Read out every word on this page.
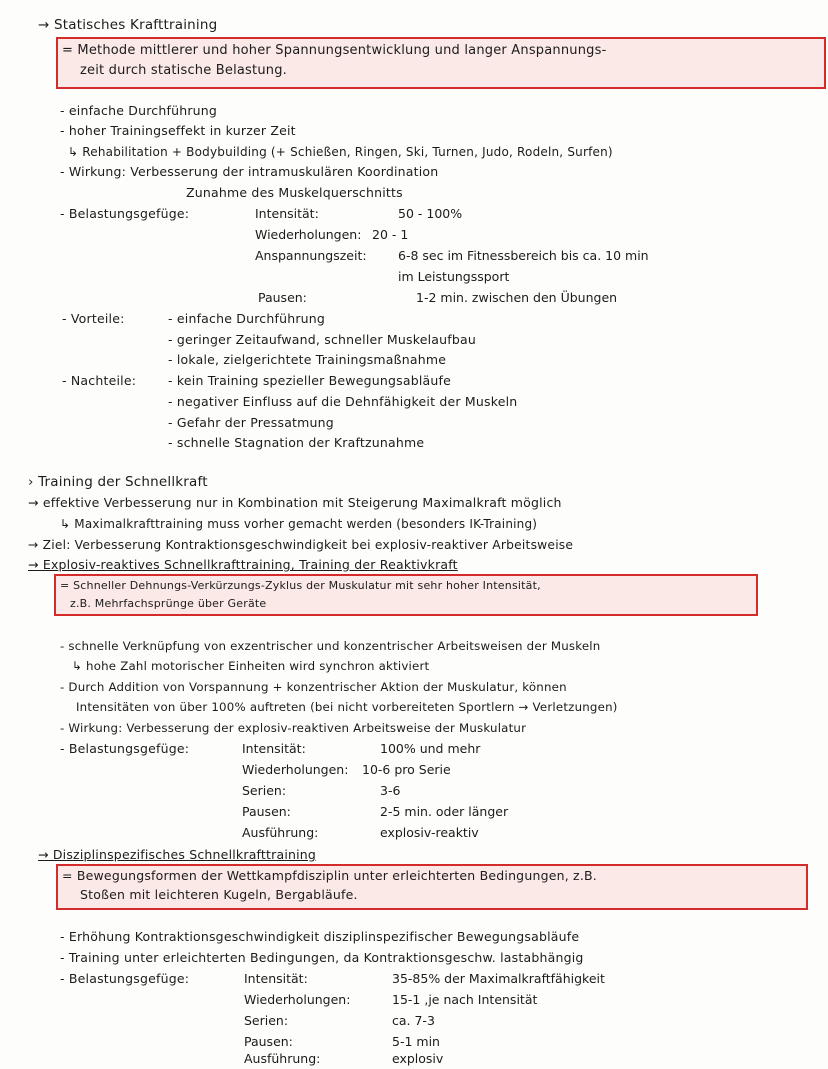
→ Statisches Krafttraining
= Methode mittlerer und hoher Spannungsentwicklung und langer Anspannungs-
zeit durch statische Belastung.
- einfache Durchführung
- hoher Trainingseffekt in kurzer Zeit
↳ Rehabilitation + Bodybuilding (+ Schießen, Ringen, Ski, Turnen, Judo, Rodeln, Surfen)
- Wirkung: Verbesserung der intramuskulären Koordination
Zunahme des Muskelquerschnitts
- Belastungsgefüge:	Intensität:	50 - 100%
Wiederholungen: 20 - 1
Anspannungszeit:	6-8 sec im Fitnessbereich bis ca. 10 min
im Leistungssport
Pausen:	1-2 min. zwischen den Übungen
- Vorteile:	- einfache Durchführung
- geringer Zeitaufwand, schneller Muskelaufbau
- lokale, zielgerichtete Trainingsmaßnahme
- Nachteile:	- kein Training spezieller Bewegungsabläufe
- negativer Einfluss auf die Dehnfähigkeit der Muskeln
- Gefahr der Pressatmung
- schnelle Stagnation der Kraftzunahme
› Training der Schnellkraft
→ effektive Verbesserung nur in Kombination mit Steigerung Maximalkraft möglich
↳ Maximalkrafttraining muss vorher gemacht werden (besonders IK-Training)
→ Ziel: Verbesserung Kontraktionsgeschwindigkeit bei explosiv-reaktiver Arbeitsweise
→ Explosiv-reaktives Schnellkrafttraining, Training der Reaktivkraft
= Schneller Dehnungs-Verkürzungs-Zyklus der Muskulatur mit sehr hoher Intensität,
z.B. Mehrfachsprünge über Geräte
- schnelle Verknüpfung von exzentrischer und konzentrischer Arbeitsweisen der Muskeln
↳ hohe Zahl motorischer Einheiten wird synchron aktiviert
- Durch Addition von Vorspannung + konzentrischer Aktion der Muskulatur, können
Intensitäten von über 100% auftreten (bei nicht vorbereiteten Sportlern → Verletzungen)
- Wirkung: Verbesserung der explosiv-reaktiven Arbeitsweise der Muskulatur
- Belastungsgefüge:	Intensität:	100% und mehr
Wiederholungen: 10-6 pro Serie
Serien:	3-6
Pausen:	2-5 min. oder länger
Ausführung:	explosiv-reaktiv
→ Disziplinspezifisches Schnellkrafttraining
= Bewegungsformen der Wettkampfdisziplin unter erleichterten Bedingungen, z.B.
Stoßen mit leichteren Kugeln, Bergabläufe.
- Erhöhung Kontraktionsgeschwindigkeit disziplinspezifischer Bewegungsabläufe
- Training unter erleichterten Bedingungen, da Kontraktionsgeschw. lastabhängig
- Belastungsgefüge:	Intensität:	35-85% der Maximalkraftfähigkeit
Wiederholungen:	15-1 ,je nach Intensität
Serien:	ca. 7-3
Pausen:	5-1 min
Ausführung:	explosiv
